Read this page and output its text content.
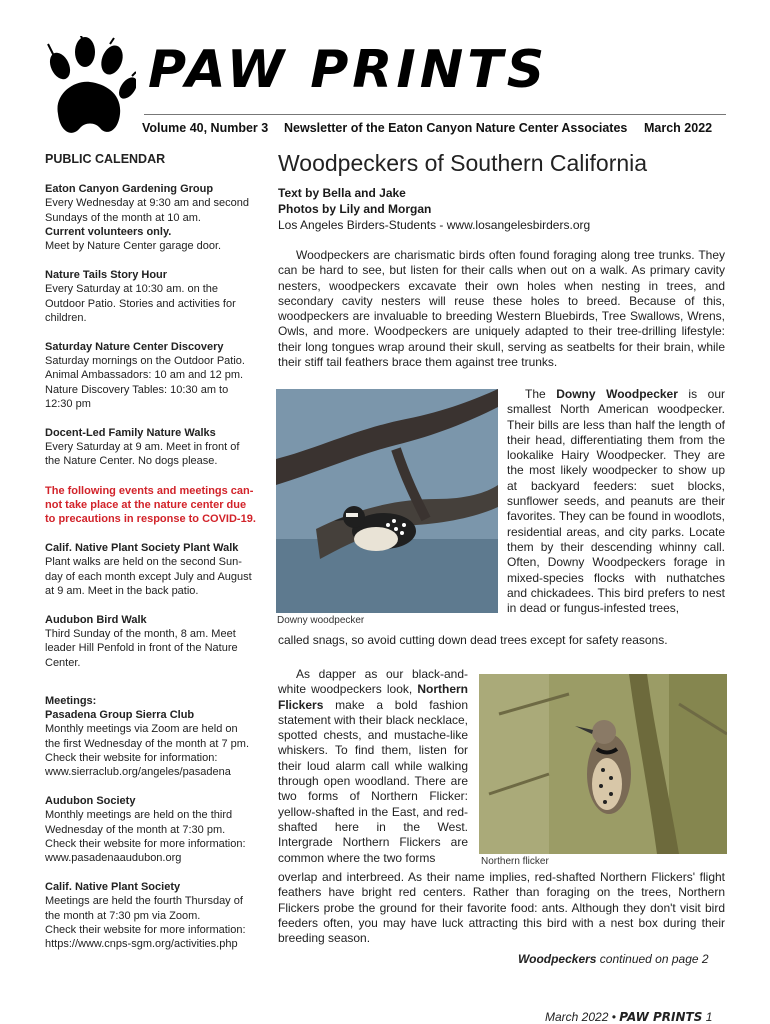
PAW PRINTS
Volume 40, Number 3 Newsletter of the Eaton Canyon Nature Center Associates March 2022
PUBLIC CALENDAR
Eaton Canyon Gardening Group
Every Wednesday at 9:30 am and second
Sundays of the month at 10 am.
Current volunteers only.
Meet by Nature Center garage door.
Nature Tails Story Hour
Every Saturday at 10:30 am. on the
Outdoor Patio. Stories and activities for
children.
Saturday Nature Center Discovery
Saturday mornings on the Outdoor Patio.
Animal Ambassadors: 10 am and 12 pm.
Nature Discovery Tables: 10:30 am to
12:30 pm
Docent-Led Family Nature Walks
Every Saturday at 9 am. Meet in front of
the Nature Center. No dogs please.
The following events and meetings can-
not take place at the nature center due
to precautions in response to COVID-19.
Calif. Native Plant Society Plant Walk
Plant walks are held on the second Sun-
day of each month except July and August
at 9 am. Meet in the back patio.
Audubon Bird Walk
Third Sunday of the month, 8 am. Meet
leader Hill Penfold in front of the Nature
Center.
Meetings:
Pasadena Group Sierra Club
Monthly meetings via Zoom are held on
the first Wednesday of the month at 7 pm.
Check their website for information:
www.sierraclub.org/angeles/pasadena
Audubon Society
Monthly meetings are held on the third
Wednesday of the month at 7:30 pm.
Check their website for more information:
www.pasadenaaudubon.org
Calif. Native Plant Society
Meetings are held the fourth Thursday of
the month at 7:30 pm via Zoom.
Check their website for more information:
https://www.cnps-sgm.org/activities.php
Woodpeckers of Southern California
Text by Bella and Jake
Photos by Lily and Morgan
Los Angeles Birders-Students - www.losangelesbirders.org

Woodpeckers are charismatic birds often found foraging along tree trunks. They can be hard to see, but listen for their calls when out on a walk. As primary cavity nesters, woodpeckers excavate their own holes when nesting in trees, and secondary cavity nesters will reuse these holes to breed. Because of this, woodpeckers are invaluable to breeding Western Bluebirds, Tree Swallows, Wrens, Owls, and more. Woodpeckers are uniquely adapted to their tree-drilling lifestyle: their long tongues wrap around their skull, serving as seatbelts for their brain, while their stiff tail feathers brace them against tree trunks.

Downy woodpecker

The Downy Woodpecker is our smallest North American woodpecker. Their bills are less than half the length of their head, differentiating them from the lookalike Hairy Woodpecker. They are the most likely woodpecker to show up at backyard feeders: suet blocks, sunflower seeds, and peanuts are their favorites. They can be found in woodlots, residential areas, and city parks. Locate them by their descending whinny call. Often, Downy Woodpeckers forage in mixed-species flocks with nuthatches and chickadees. This bird prefers to nest in dead or fungus-infested trees,

called snags, so avoid cutting down dead trees except for safety reasons.

As dapper as our black-and-white woodpeckers look, Northern Flickers make a bold fashion statement with their black necklace, spotted chests, and mustache-like whiskers. To find them, listen for their loud alarm call while walking through open woodland. There are two forms of Northern Flicker: yellow-shafted in the East, and red-shafted here in the West. Intergrade Northern Flickers are common where the two forms	Northern flicker

overlap and interbreed. As their name implies, red-shafted Northern Flickers' flight feathers have bright red centers. Rather than foraging on the trees, Northern Flickers probe the ground for their favorite food: ants. Although they don't visit bird feeders often, you may have luck attracting this bird with a nest box during their breeding season.

Woodpeckers continued on page 2
March 2022 • PAW PRINTS 1
